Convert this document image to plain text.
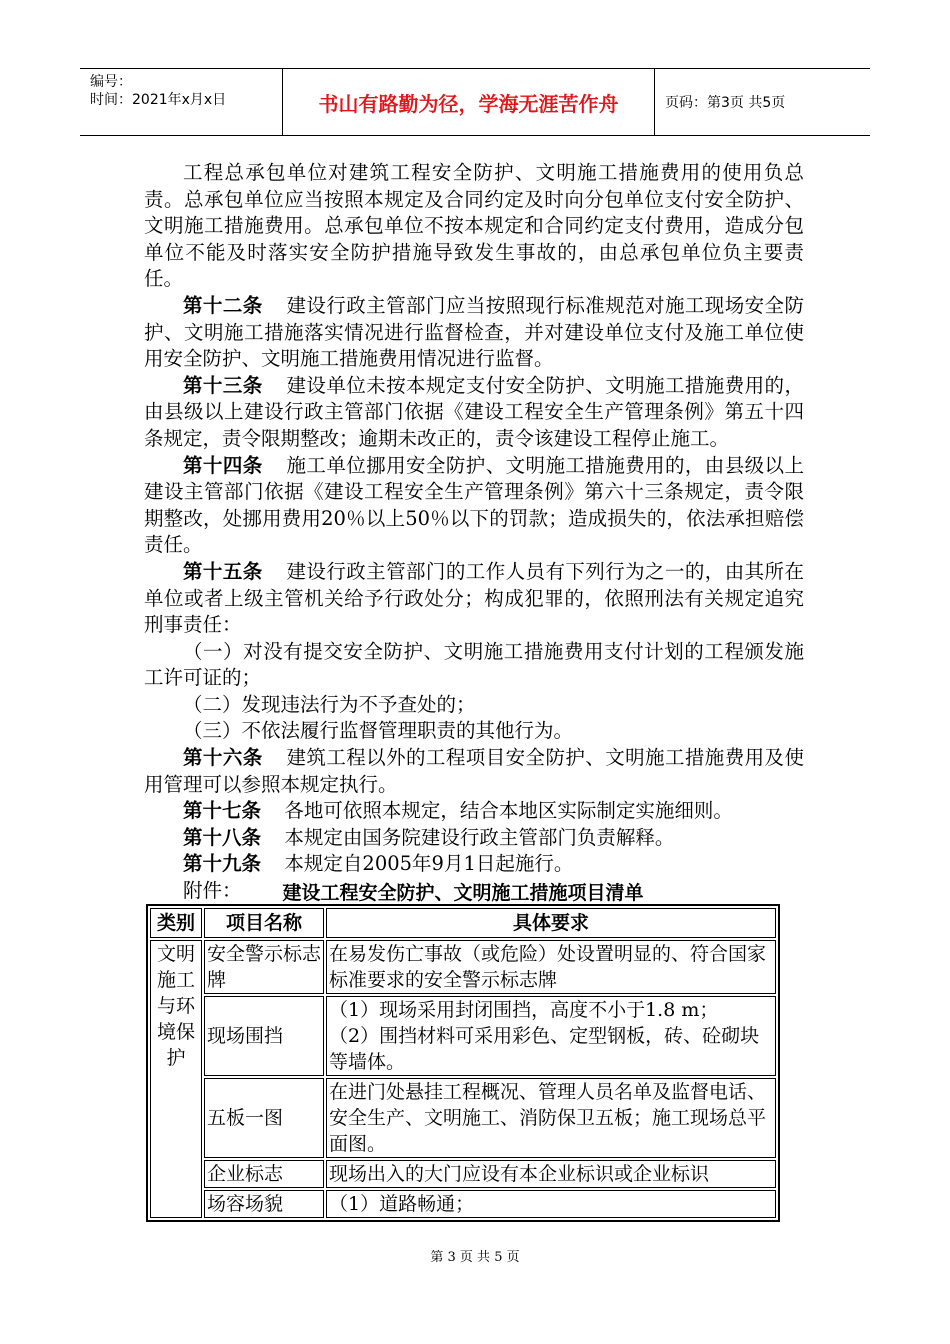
编号：
时间：2021年x月x日	书山有路勤为径，学海无涯苦作舟	页码：第3页 共5页

工程总承包单位对建筑工程安全防护、文明施工措施费用的使用负总责。总承包单位应当按照本规定及合同约定及时向分包单位支付安全防护、文明施工措施费用。总承包单位不按本规定和合同约定支付费用，造成分包单位不能及时落实安全防护措施导致发生事故的，由总承包单位负主要责任。

第十二条 建设行政主管部门应当按照现行标准规范对施工现场安全防护、文明施工措施落实情况进行监督检查，并对建设单位支付及施工单位使用安全防护、文明施工措施费用情况进行监督。

第十三条 建设单位未按本规定支付安全防护、文明施工措施费用的，由县级以上建设行政主管部门依据《建设工程安全生产管理条例》第五十四条规定，责令限期整改；逾期未改正的，责令该建设工程停止施工。

第十四条 施工单位挪用安全防护、文明施工措施费用的，由县级以上建设主管部门依据《建设工程安全生产管理条例》第六十三条规定，责令限期整改，处挪用费用20％以上50％以下的罚款；造成损失的，依法承担赔偿责任。

第十五条 建设行政主管部门的工作人员有下列行为之一的，由其所在单位或者上级主管机关给予行政处分；构成犯罪的，依照刑法有关规定追究刑事责任：

（一）对没有提交安全防护、文明施工措施费用支付计划的工程颁发施工许可证的；

（二）发现违法行为不予查处的；

（三）不依法履行监督管理职责的其他行为。

第十六条 建筑工程以外的工程项目安全防护、文明施工措施费用及使用管理可以参照本规定执行。

第十七条 各地可依照本规定，结合本地区实际制定实施细则。

第十八条 本规定由国务院建设行政主管部门负责解释。

第十九条 本规定自2005年9月1日起施行。

附件：	建设工程安全防护、文明施工措施项目清单
类别	项目名称	具体要求
文明施工与环境保护	安全警示标志牌	在易发伤亡事故（或危险）处设置明显的、符合国家标准要求的安全警示标志牌
	现场围挡	（1）现场采用封闭围挡，高度不小于1.8 m；
（2）围挡材料可采用彩色、定型钢板，砖、砼砌块等墙体。
	五板一图	在进门处悬挂工程概况、管理人员名单及监督电话、安全生产、文明施工、消防保卫五板；施工现场总平面图。
	企业标志	现场出入的大门应设有本企业标识或企业标识
	场容场貌	（1）道路畅通；
第 3 页 共 5 页
